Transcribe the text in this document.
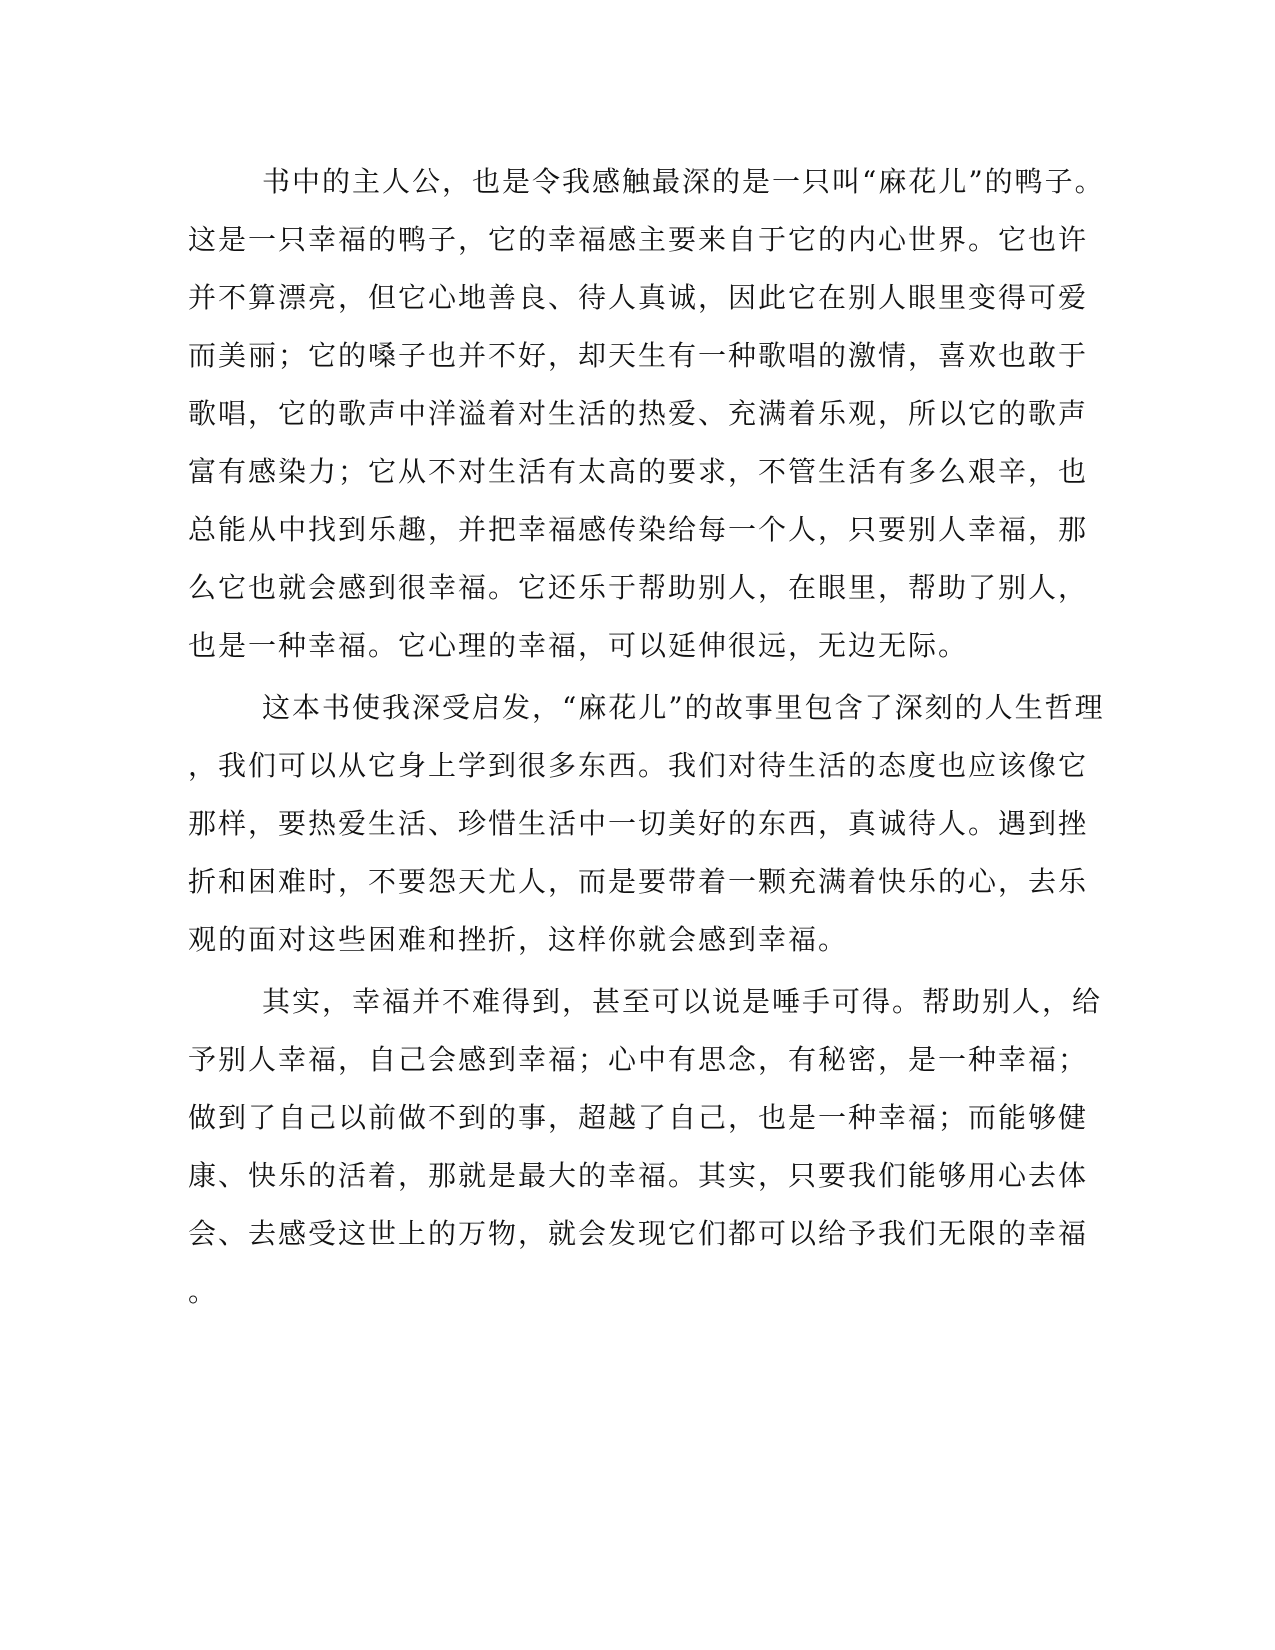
书中的主人公，也是令我感触最深的是一只叫“麻花儿”的鸭子。
这是一只幸福的鸭子，它的幸福感主要来自于它的内心世界。它也许
并不算漂亮，但它心地善良、待人真诚，因此它在别人眼里变得可爱
而美丽；它的嗓子也并不好，却天生有一种歌唱的激情，喜欢也敢于
歌唱，它的歌声中洋溢着对生活的热爱、充满着乐观，所以它的歌声
富有感染力；它从不对生活有太高的要求，不管生活有多么艰辛，也
总能从中找到乐趣，并把幸福感传染给每一个人，只要别人幸福，那
么它也就会感到很幸福。它还乐于帮助别人，在眼里，帮助了别人，
也是一种幸福。它心理的幸福，可以延伸很远，无边无际。
这本书使我深受启发，“麻花儿”的故事里包含了深刻的人生哲理
，我们可以从它身上学到很多东西。我们对待生活的态度也应该像它
那样，要热爱生活、珍惜生活中一切美好的东西，真诚待人。遇到挫
折和困难时，不要怨天尤人，而是要带着一颗充满着快乐的心，去乐
观的面对这些困难和挫折，这样你就会感到幸福。
其实，幸福并不难得到，甚至可以说是唾手可得。帮助别人，给
予别人幸福，自己会感到幸福；心中有思念，有秘密，是一种幸福；
做到了自己以前做不到的事，超越了自己，也是一种幸福；而能够健
康、快乐的活着，那就是最大的幸福。其实，只要我们能够用心去体
会、去感受这世上的万物，就会发现它们都可以给予我们无限的幸福
。
